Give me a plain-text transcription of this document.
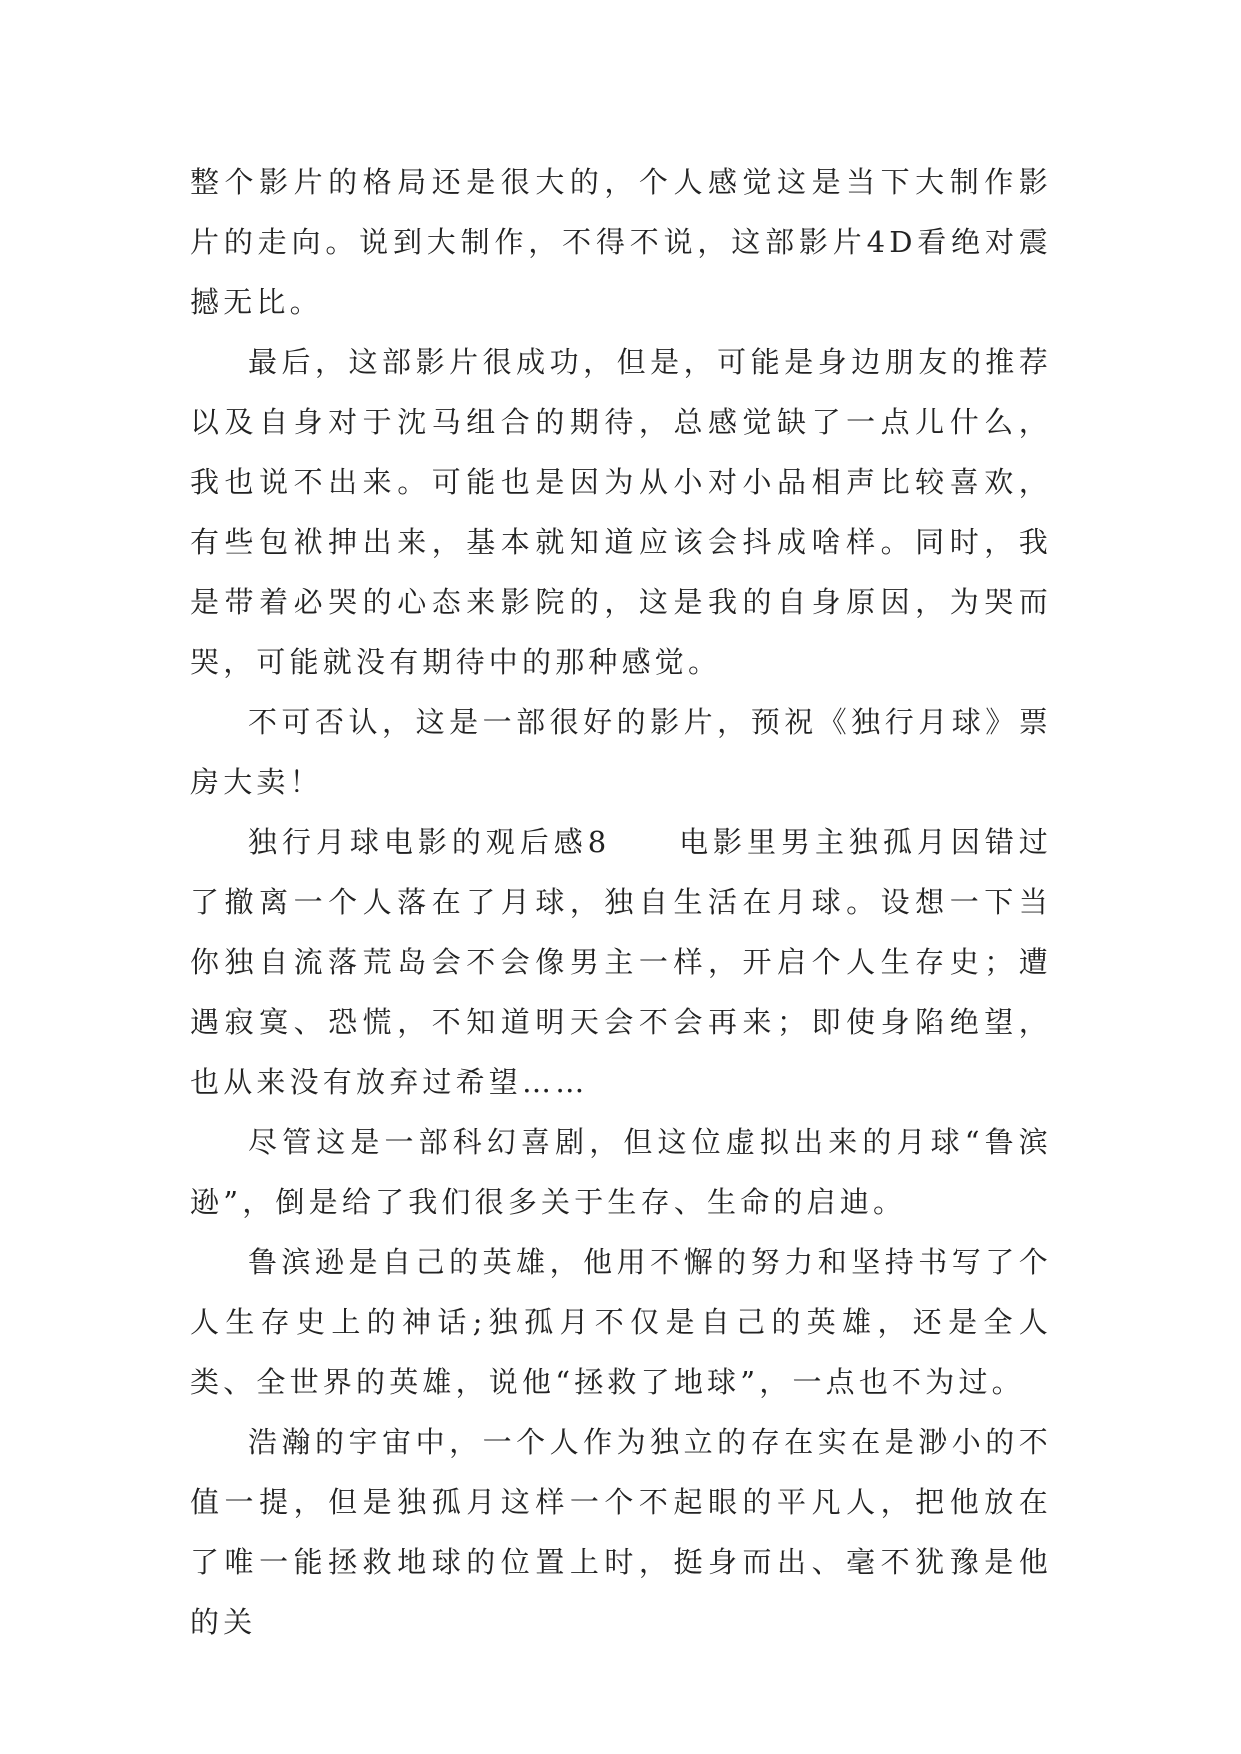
整个影片的格局还是很大的，个人感觉这是当下大制作影片的走向。说到大制作，不得不说，这部影片4D看绝对震撼无比。

最后，这部影片很成功，但是，可能是身边朋友的推荐以及自身对于沈马组合的期待，总感觉缺了一点儿什么，我也说不出来。可能也是因为从小对小品相声比较喜欢，有些包袱抻出来，基本就知道应该会抖成啥样。同时，我是带着必哭的心态来影院的，这是我的自身原因，为哭而哭，可能就没有期待中的那种感觉。

不可否认，这是一部很好的影片，预祝《独行月球》票房大卖！

独行月球电影的观后感8　　电影里男主独孤月因错过了撤离一个人落在了月球，独自生活在月球。设想一下当你独自流落荒岛会不会像男主一样，开启个人生存史；遭遇寂寞、恐慌，不知道明天会不会再来；即使身陷绝望，也从来没有放弃过希望……

尽管这是一部科幻喜剧，但这位虚拟出来的月球“鲁滨逊”，倒是给了我们很多关于生存、生命的启迪。

鲁滨逊是自己的英雄，他用不懈的努力和坚持书写了个人生存史上的神话;独孤月不仅是自己的英雄，还是全人类、全世界的英雄，说他“拯救了地球”，一点也不为过。

浩瀚的宇宙中，一个人作为独立的存在实在是渺小的不值一提，但是独孤月这样一个不起眼的平凡人，把他放在了唯一能拯救地球的位置上时，挺身而出、毫不犹豫是他的关
